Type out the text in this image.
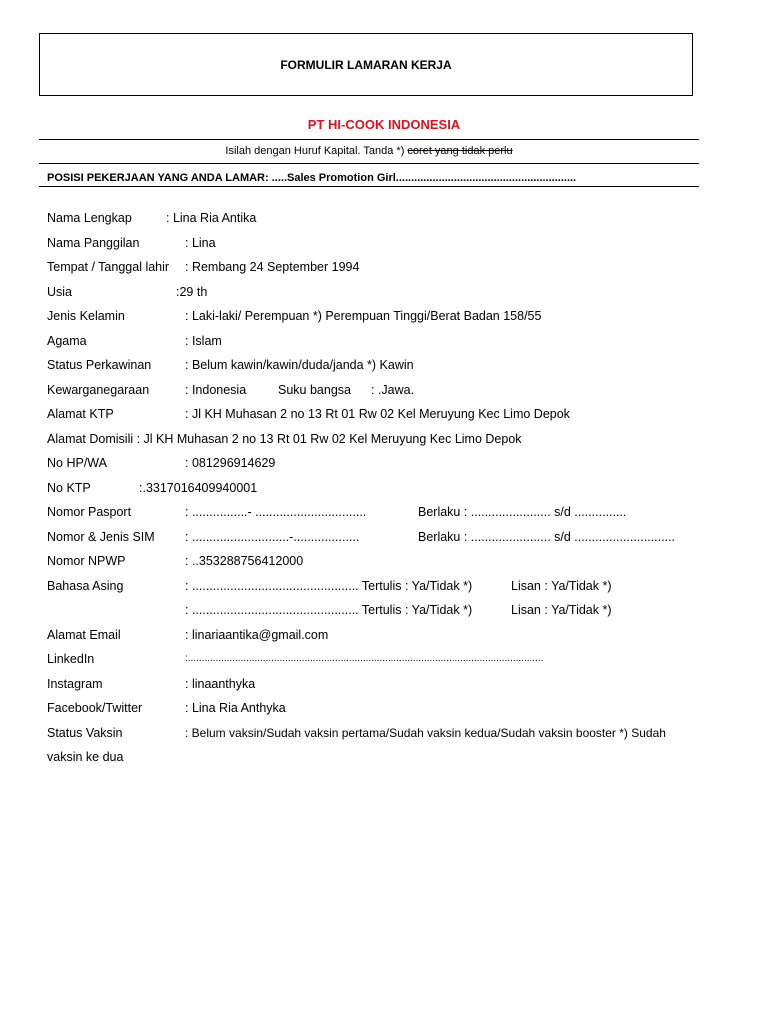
FORMULIR LAMARAN KERJA
PT HI-COOK INDONESIA
Isilah dengan Huruf Kapital. Tanda *) coret yang tidak perlu
POSISI PEKERJAAN YANG ANDA LAMAR: .....Sales Promotion Girl...........................................................
Nama Lengkap	: Lina Ria Antika
Nama Panggilan	: Lina
Tempat / Tanggal lahir : Rembang 24 September 1994
Usia	:29 th
Jenis Kelamin	: Laki-laki/ Perempuan *) Perempuan Tinggi/Berat Badan 158/55
Agama	: Islam
Status Perkawinan	: Belum kawin/kawin/duda/janda *) Kawin
Kewarganegaraan	: Indonesia	Suku bangsa : .Jawa.
Alamat KTP	: Jl KH Muhasan 2 no 13 Rt 01 Rw 02 Kel Meruyung Kec Limo Depok
Alamat Domisili : Jl KH Muhasan 2 no 13 Rt 01 Rw 02 Kel Meruyung Kec Limo Depok
No HP/WA	: 081296914629
No KTP	:.3317016409940001
Nomor Pasport	: ................- ................................	Berlaku : ....................... s/d ...............
Nomor & Jenis SIM : ............................-...................	Berlaku : ....................... s/d .............................
Nomor NPWP	: ..353288756412000
Bahasa Asing	: ................................................ Tertulis : Ya/Tidak *)	Lisan : Ya/Tidak *)
: ................................................ Tertulis : Ya/Tidak *)	Lisan : Ya/Tidak *)
Alamat Email	: linariaantika@gmail.com
LinkedIn	:................................................................................................................................
Instagram	: linaanthyka
Facebook/Twitter	: Lina Ria Anthyka
Status Vaksin	: Belum vaksin/Sudah vaksin pertama/Sudah vaksin kedua/Sudah vaksin booster *) Sudah
vaksin ke dua
